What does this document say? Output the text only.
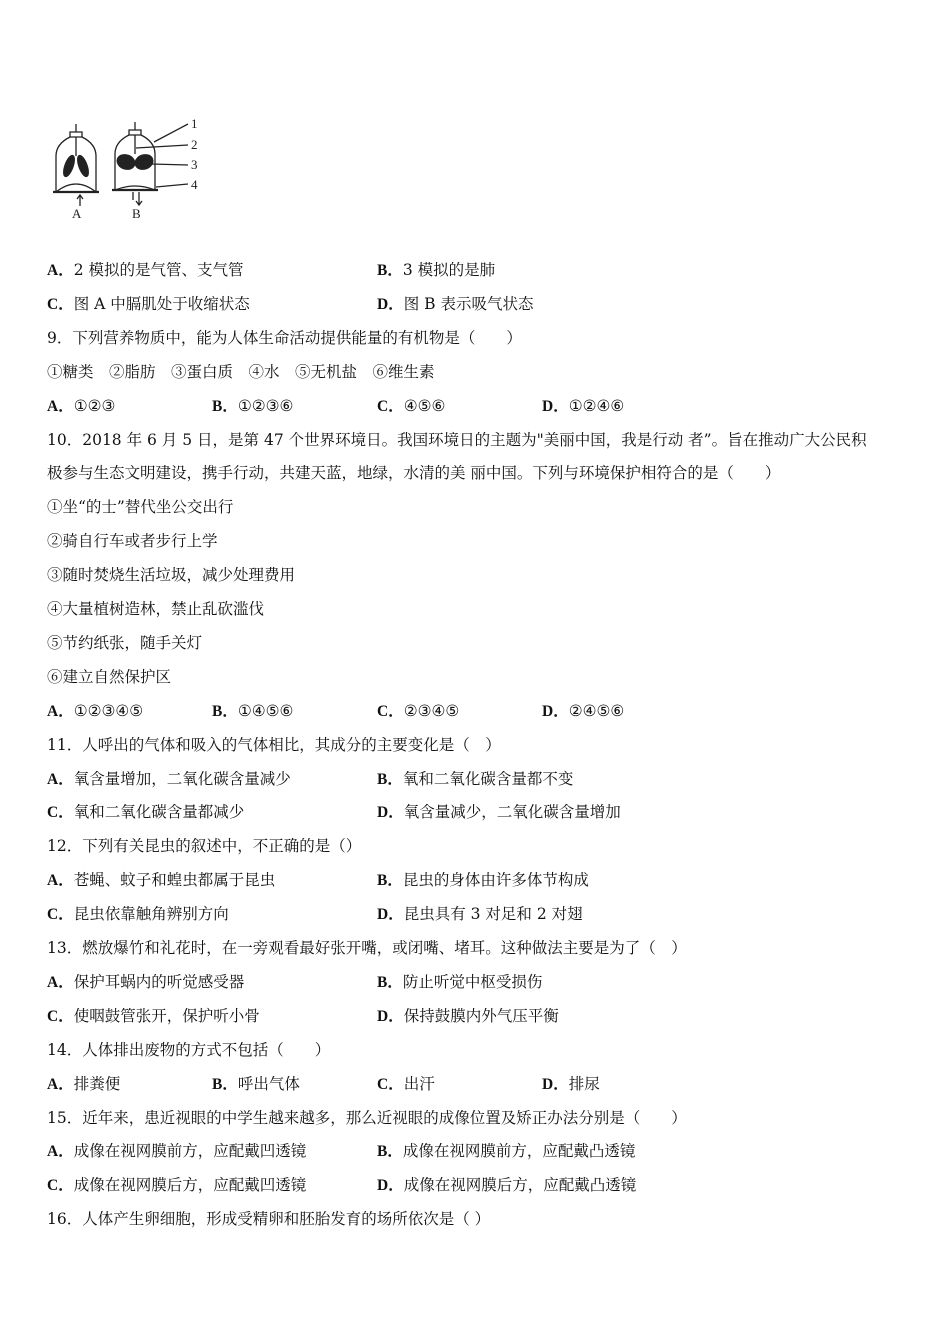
1
2
3
4
A	B
A．2 模拟的是气管、支气管	B．3 模拟的是肺
C．图 A 中膈肌处于收缩状态	D．图 B 表示吸气状态
9．下列营养物质中，能为人体生命活动提供能量的有机物是（　　）
①糖类　②脂肪　③蛋白质　④水　⑤无机盐　⑥维生素
A．①②③	B．①②③⑥	C．④⑤⑥	D．①②④⑥
10．2018 年 6 月 5 日，是第 47 个世界环境日。我国环境日的主题为"美丽中国，我是行动 者”。旨在推动广大公民积
极参与生态文明建设，携手行动，共建天蓝，地绿，水清的美 丽中国。下列与环境保护相符合的是（　　）
①坐“的士”替代坐公交出行
②骑自行车或者步行上学
③随时焚烧生活垃圾，减少处理费用
④大量植树造林，禁止乱砍滥伐
⑤节约纸张，随手关灯
⑥建立自然保护区
A．①②③④⑤	B．①④⑤⑥	C．②③④⑤	D．②④⑤⑥
11．人呼出的气体和吸入的气体相比，其成分的主要变化是（　）
A．氧含量增加，二氧化碳含量减少	B．氧和二氧化碳含量都不变
C．氧和二氧化碳含量都减少	D．氧含量减少，二氧化碳含量增加
12．下列有关昆虫的叙述中，不正确的是（）
A．苍蝇、蚊子和蝗虫都属于昆虫	B．昆虫的身体由许多体节构成
C．昆虫依靠触角辨别方向	D．昆虫具有 3 对足和 2 对翅
13．燃放爆竹和礼花时，在一旁观看最好张开嘴，或闭嘴、堵耳。这种做法主要是为了（　）
A．保护耳蜗内的听觉感受器	B．防止听觉中枢受损伤
C．使咽鼓管张开，保护听小骨	D．保持鼓膜内外气压平衡
14．人体排出废物的方式不包括（　　）
A．排粪便	B．呼出气体	C．出汗	D．排尿
15．近年来，患近视眼的中学生越来越多，那么近视眼的成像位置及矫正办法分别是（　　）
A．成像在视网膜前方，应配戴凹透镜	B．成像在视网膜前方，应配戴凸透镜
C．成像在视网膜后方，应配戴凹透镜	D．成像在视网膜后方，应配戴凸透镜
16．人体产生卵细胞，形成受精卵和胚胎发育的场所依次是（ ）
